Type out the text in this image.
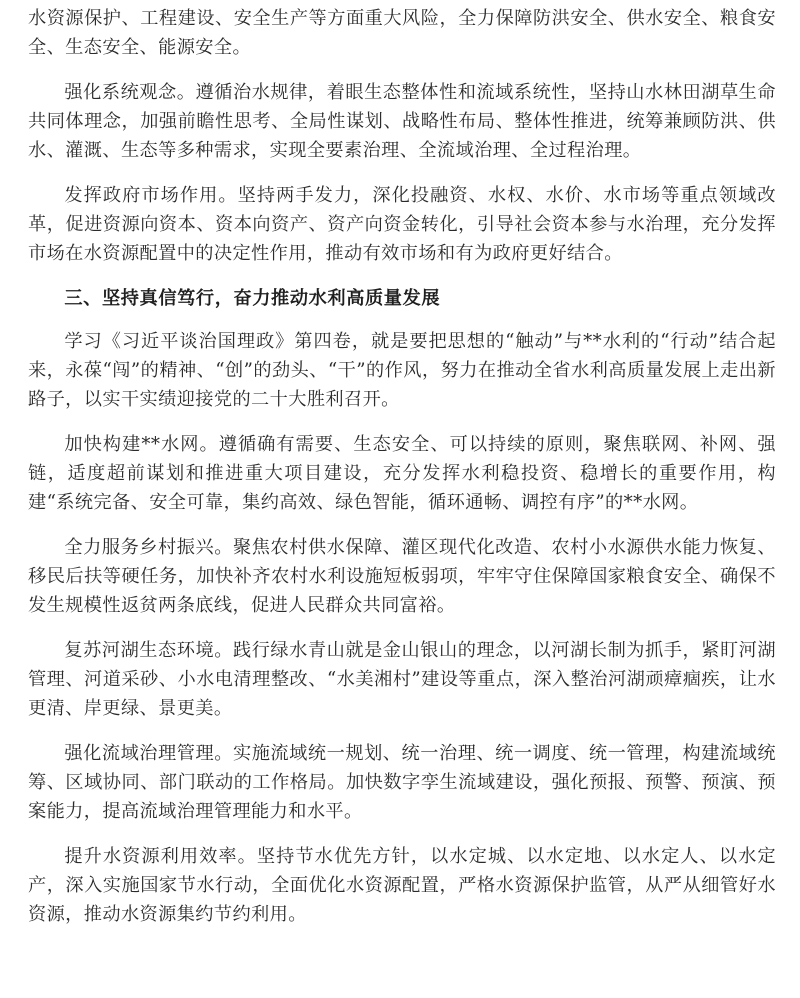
水资源保护、工程建设、安全生产等方面重大风险，全力保障防洪安全、供水安全、粮食安全、生态安全、能源安全。

强化系统观念。遵循治水规律，着眼生态整体性和流域系统性，坚持山水林田湖草生命共同体理念，加强前瞻性思考、全局性谋划、战略性布局、整体性推进，统筹兼顾防洪、供水、灌溉、生态等多种需求，实现全要素治理、全流域治理、全过程治理。

发挥政府市场作用。坚持两手发力，深化投融资、水权、水价、水市场等重点领域改革，促进资源向资本、资本向资产、资产向资金转化，引导社会资本参与水治理，充分发挥市场在水资源配置中的决定性作用，推动有效市场和有为政府更好结合。

三、坚持真信笃行，奋力推动水利高质量发展

学习《习近平谈治国理政》第四卷，就是要把思想的“触动”与**水利的“行动”结合起来，永葆“闯”的精神、“创”的劲头、“干”的作风，努力在推动全省水利高质量发展上走出新路子，以实干实绩迎接党的二十大胜利召开。

加快构建**水网。遵循确有需要、生态安全、可以持续的原则，聚焦联网、补网、强链，适度超前谋划和推进重大项目建设，充分发挥水利稳投资、稳增长的重要作用，构建“系统完备、安全可靠，集约高效、绿色智能，循环通畅、调控有序”的**水网。

全力服务乡村振兴。聚焦农村供水保障、灌区现代化改造、农村小水源供水能力恢复、移民后扶等硬任务，加快补齐农村水利设施短板弱项，牢牢守住保障国家粮食安全、确保不发生规模性返贫两条底线，促进人民群众共同富裕。

复苏河湖生态环境。践行绿水青山就是金山银山的理念，以河湖长制为抓手，紧盯河湖管理、河道采砂、小水电清理整改、“水美湘村”建设等重点，深入整治河湖顽瘴痼疾，让水更清、岸更绿、景更美。

强化流域治理管理。实施流域统一规划、统一治理、统一调度、统一管理，构建流域统筹、区域协同、部门联动的工作格局。加快数字孪生流域建设，强化预报、预警、预演、预案能力，提高流域治理管理能力和水平。

提升水资源利用效率。坚持节水优先方针，以水定城、以水定地、以水定人、以水定产，深入实施国家节水行动，全面优化水资源配置，严格水资源保护监管，从严从细管好水资源，推动水资源集约节约利用。
